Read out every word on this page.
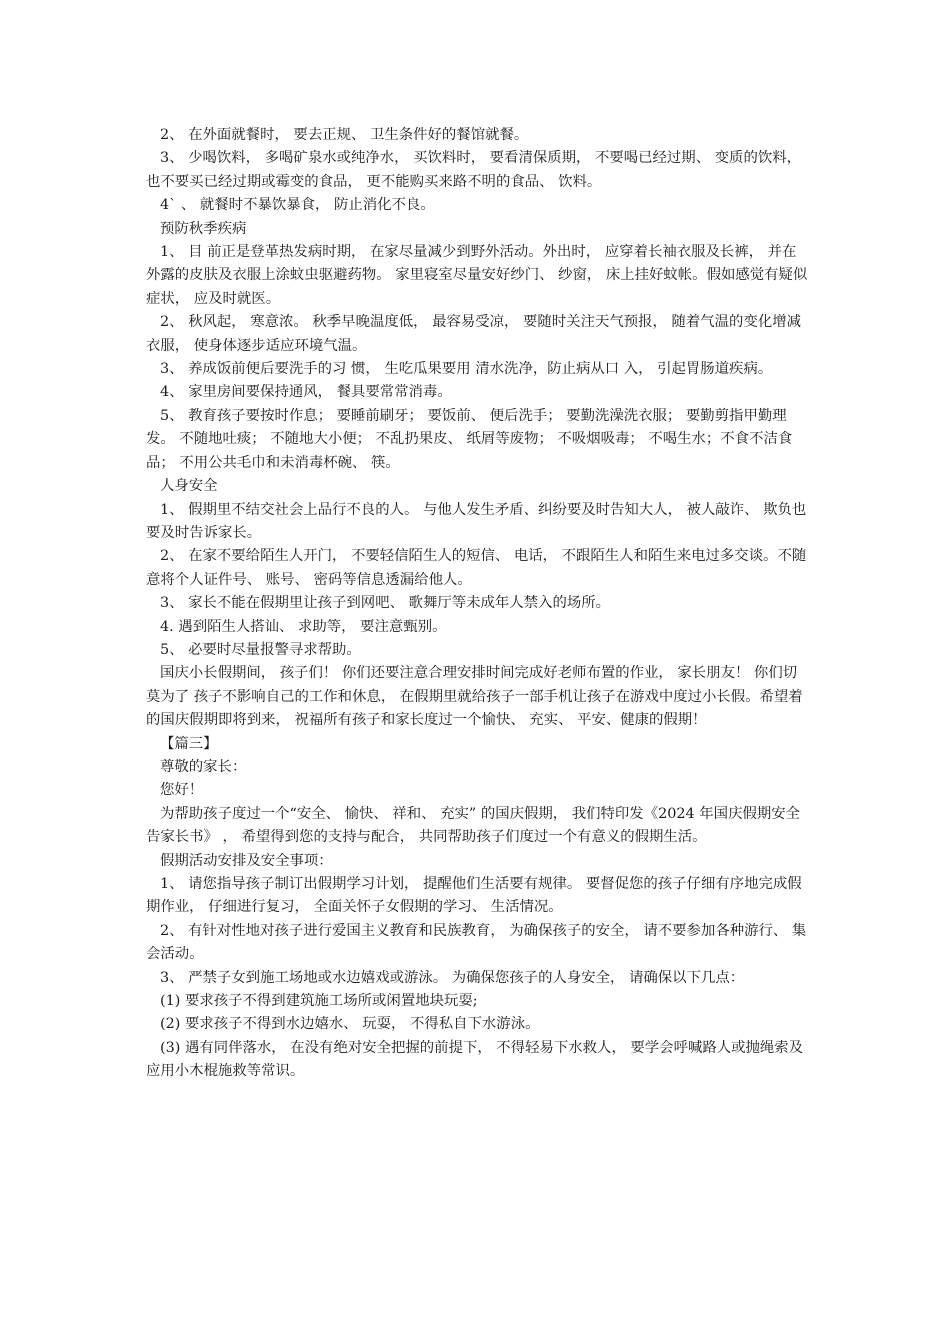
2、 在外面就餐时， 要去正规、 卫生条件好的餐馆就餐。

3、 少喝饮料， 多喝矿泉水或纯净水， 买饮料时， 要看清保质期， 不要喝已经过期、 变质的饮料， 也不要买已经过期或霉变的食品， 更不能购买来路不明的食品、 饮料。

4` 、 就餐时不暴饮暴食， 防止消化不良。

预防秋季疾病

1、 目 前正是登革热发病时期， 在家尽量减少到野外活动。外出时， 应穿着长袖衣服及长裤， 并在外露的皮肤及衣服上涂蚊虫驱避药物。 家里寝室尽量安好纱门、 纱窗， 床上挂好蚊帐。假如感觉有疑似症状， 应及时就医。

2、 秋风起， 寒意浓。 秋季早晚温度低， 最容易受凉， 要随时关注天气预报， 随着气温的变化增减衣服， 使身体逐步适应环境气温。

3、 养成饭前便后要洗手的习 惯， 生吃瓜果要用 清水洗净，防止病从口 入， 引起胃肠道疾病。

4、 家里房间要保持通风， 餐具要常常消毒。

5、 教育孩子要按时作息； 要睡前刷牙； 要饭前、 便后洗手； 要勤洗澡洗衣服； 要勤剪指甲勤理发。 不随地吐痰； 不随地大小便； 不乱扔果皮、 纸屑等废物； 不吸烟吸毒； 不喝生水；不食不洁食品； 不用公共毛巾和未消毒杯碗、 筷。

人身安全

1、 假期里不结交社会上品行不良的人。 与他人发生矛盾、纠纷要及时告知大人， 被人敲诈、 欺负也要及时告诉家长。

2、 在家不要给陌生人开门， 不要轻信陌生人的短信、 电话， 不跟陌生人和陌生来电过多交谈。不随意将个人证件号、 账号、 密码等信息透漏给他人。

3、 家长不能在假期里让孩子到网吧、 歌舞厅等未成年人禁入的场所。

4. 遇到陌生人搭讪、 求助等， 要注意甄别。

5、 必要时尽量报警寻求帮助。

国庆小长假期间， 孩子们！ 你们还要注意合理安排时间完成好老师布置的作业， 家长朋友！ 你们切莫为了 孩子不影响自己的工作和休息， 在假期里就给孩子一部手机让孩子在游戏中度过小长假。希望着的国庆假期即将到来， 祝福所有孩子和家长度过一个愉快、 充实、 平安、健康的假期！

【篇三】

尊敬的家长：

您好！

为帮助孩子度过一个“安全、 愉快、 祥和、 充实” 的国庆假期， 我们特印发《2024 年国庆假期安全告家长书》 ， 希望得到您的支持与配合， 共同帮助孩子们度过一个有意义的假期生活。

假期活动安排及安全事项：

1、 请您指导孩子制订出假期学习计划， 提醒他们生活要有规律。 要督促您的孩子仔细有序地完成假期作业， 仔细进行复习， 全面关怀子女假期的学习、 生活情况。

2、 有针对性地对孩子进行爱国主义教育和民族教育， 为确保孩子的安全， 请不要参加各种游行、 集会活动。

3、 严禁子女到施工场地或水边嬉戏或游泳。 为确保您孩子的人身安全， 请确保以下几点：

(1) 要求孩子不得到建筑施工场所或闲置地块玩耍;

(2) 要求孩子不得到水边嬉水、 玩耍， 不得私自下水游泳。

(3) 遇有同伴落水， 在没有绝对安全把握的前提下， 不得轻易下水救人， 要学会呼喊路人或抛绳索及应用小木棍施救等常识。
